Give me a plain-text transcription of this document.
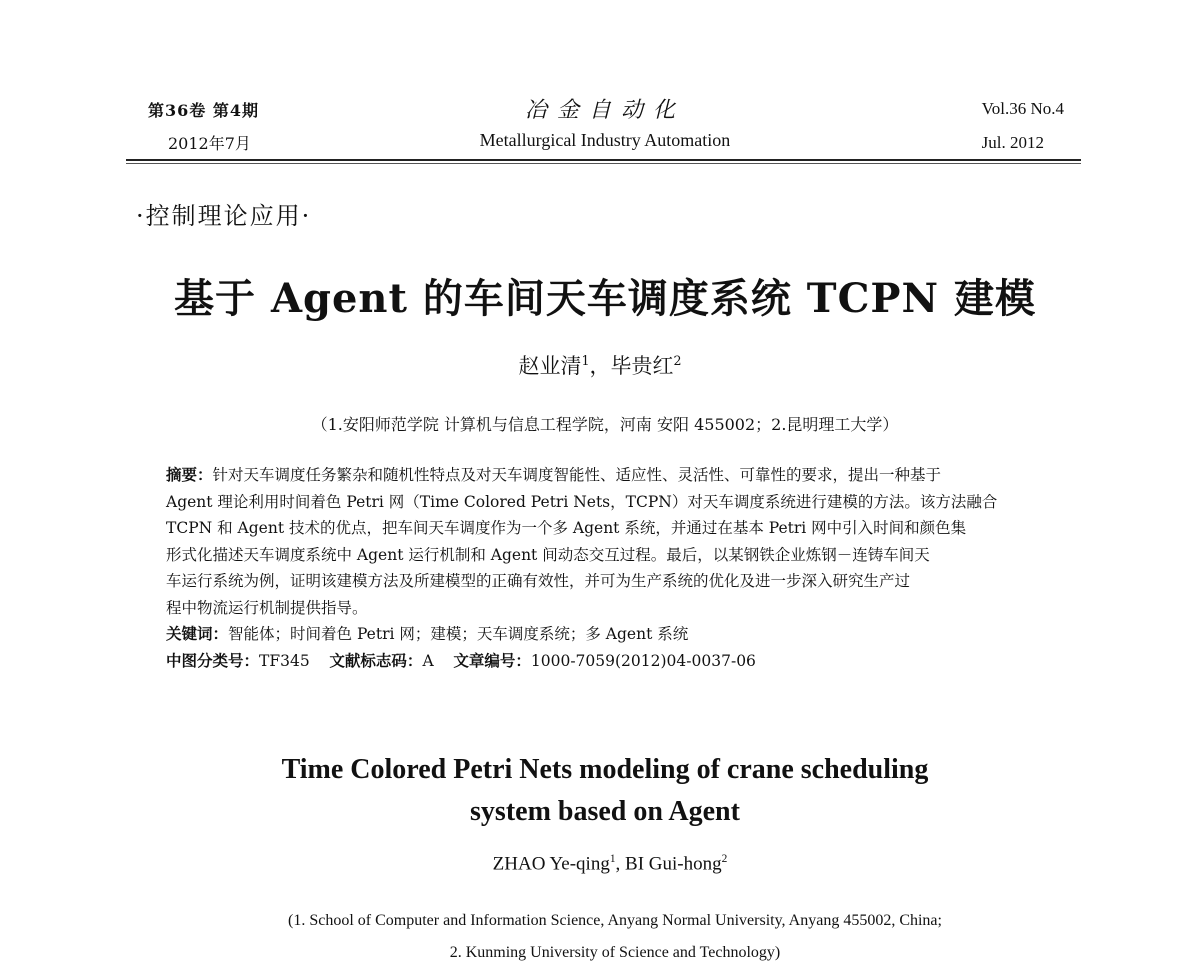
第36卷 第4期
2012年7月
冶金自动化
Metallurgical Industry Automation
Vol.36 No.4
Jul. 2012
·控制理论应用·
基于 Agent 的车间天车调度系统 TCPN 建模
赵业清$^1$，毕贵红$^2$
（1.安阳师范学院 计算机与信息工程学院，河南 安阳 455002；2.昆明理工大学）

摘要：针对天车调度任务繁杂和随机性特点及对天车调度智能性、适应性、灵活性、可靠性的要求，提出一种基于

Agent 理论利用时间着色 Petri 网（Time Colored Petri Nets，TCPN）对天车调度系统进行建模的方法。该方法融合

TCPN 和 Agent 技术的优点，把车间天车调度作为一个多 Agent 系统，并通过在基本 Petri 网中引入时间和颜色集

形式化描述天车调度系统中 Agent 运行机制和 Agent 间动态交互过程。最后，以某钢铁企业炼钢－连铸车间天

车运行系统为例，证明该建模方法及所建模型的正确有效性，并可为生产系统的优化及进一步深入研究生产过

程中物流运行机制提供指导。

关键词：智能体；时间着色 Petri 网；建模；天车调度系统；多 Agent 系统

中图分类号：TF345 文献标志码：A 文章编号：1000-7059(2012)04-0037-06

Time Colored Petri Nets modeling of crane scheduling
system based on Agent
ZHAO Ye-qing$^1$, BI Gui-hong$^2$
(1. School of Computer and Information Science, Anyang Normal University, Anyang 455002, China;
2. Kunming University of Science and Technology)
